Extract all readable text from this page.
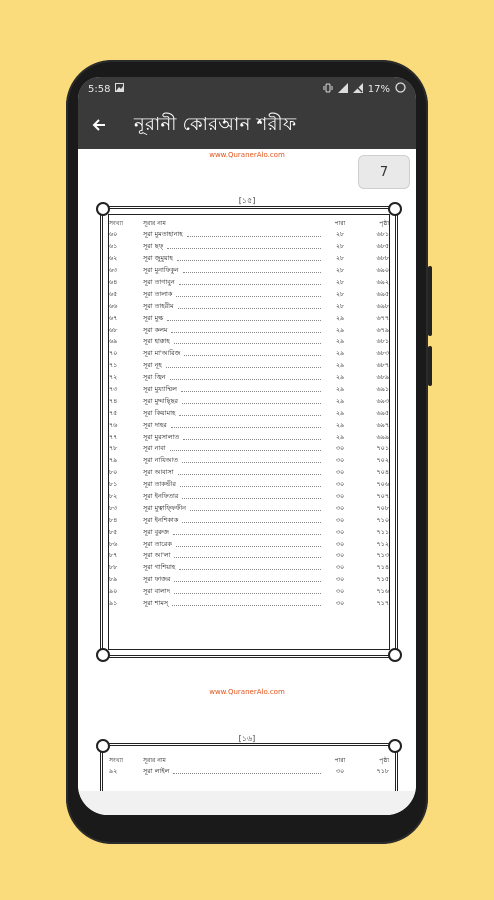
5:58	17%
নূরানী কোরআন শরীফ
www.QuranerAlo.com
7
[১৫]
সংখ্যা	সূরার নাম	পারা	পৃষ্ঠা
৬০	সূরা মুমতাহানাহ	২৮	৬৮১
৬১	সূরা ছফ্	২৮	৬৮৫
৬২	সূরা জুমুয়াহ	২৮	৬৮৮
৬৩	সূরা মুনাফিকুন	২৮	৬৯০
৬৪	সূরা তাগাবুন	২৮	৬৯২
৬৫	সূরা তালাক	২৮	৬৯৫
৬৬	সূরা তাহরীম	২৮	৬৯৮
৬৭	সূরা মুল্ক	২৯	৬৭৭
৬৮	সূরা কলম	২৯	৬৭৯
৬৯	সূরা হাক্কাহ	২৯	৬৮১
৭০	সূরা মা'আরিজ	২৯	৬৮৩
৭১	সূরা নূহ	২৯	৬৮৭
৭২	সূরা জ্বিন	২৯	৬৮৯
৭৩	সূরা মুয্যাম্মিল	২৯	৬৯১
৭৪	সূরা মুদ্দাছ্ছির	২৯	৬৯৩
৭৫	সূরা কিয়ামাহ	২৯	৬৯৫
৭৬	সূরা দাহর	২৯	৬৯৭
৭৭	সূরা মুরসালাত	২৯	৬৯৯
৭৮	সূরা নাবা	৩০	৭০১
৭৯	সূরা নাযিআত	৩০	৭০২
৮০	সূরা আবাসা	৩০	৭০৪
৮১	সূরা তাকভীর	৩০	৭০৬
৮২	সূরা ইনফিতার	৩০	৭০৭
৮৩	সূরা মুত্বাফ্ফিফীন	৩০	৭০৮
৮৪	সূরা ইনশিকাক	৩০	৭১০
৮৫	সূরা বুরুজ	৩০	৭১১
৮৬	সূরা তারেক	৩০	৭১২
৮৭	সূরা আ'লা	৩০	৭১৩
৮৮	সূরা গাশিয়াহ	৩০	৭১৪
৮৯	সূরা ফাজর	৩০	৭১৫
৯০	সূরা বালাদ	৩০	৭১৬
৯১	সূরা শামস্	৩০	৭১৭
www.QuranerAlo.com
[১৬]
সংখ্যা	সূরার নাম	পারা	পৃষ্ঠা
৯২	সূরা লাইল	৩০	৭১৮
